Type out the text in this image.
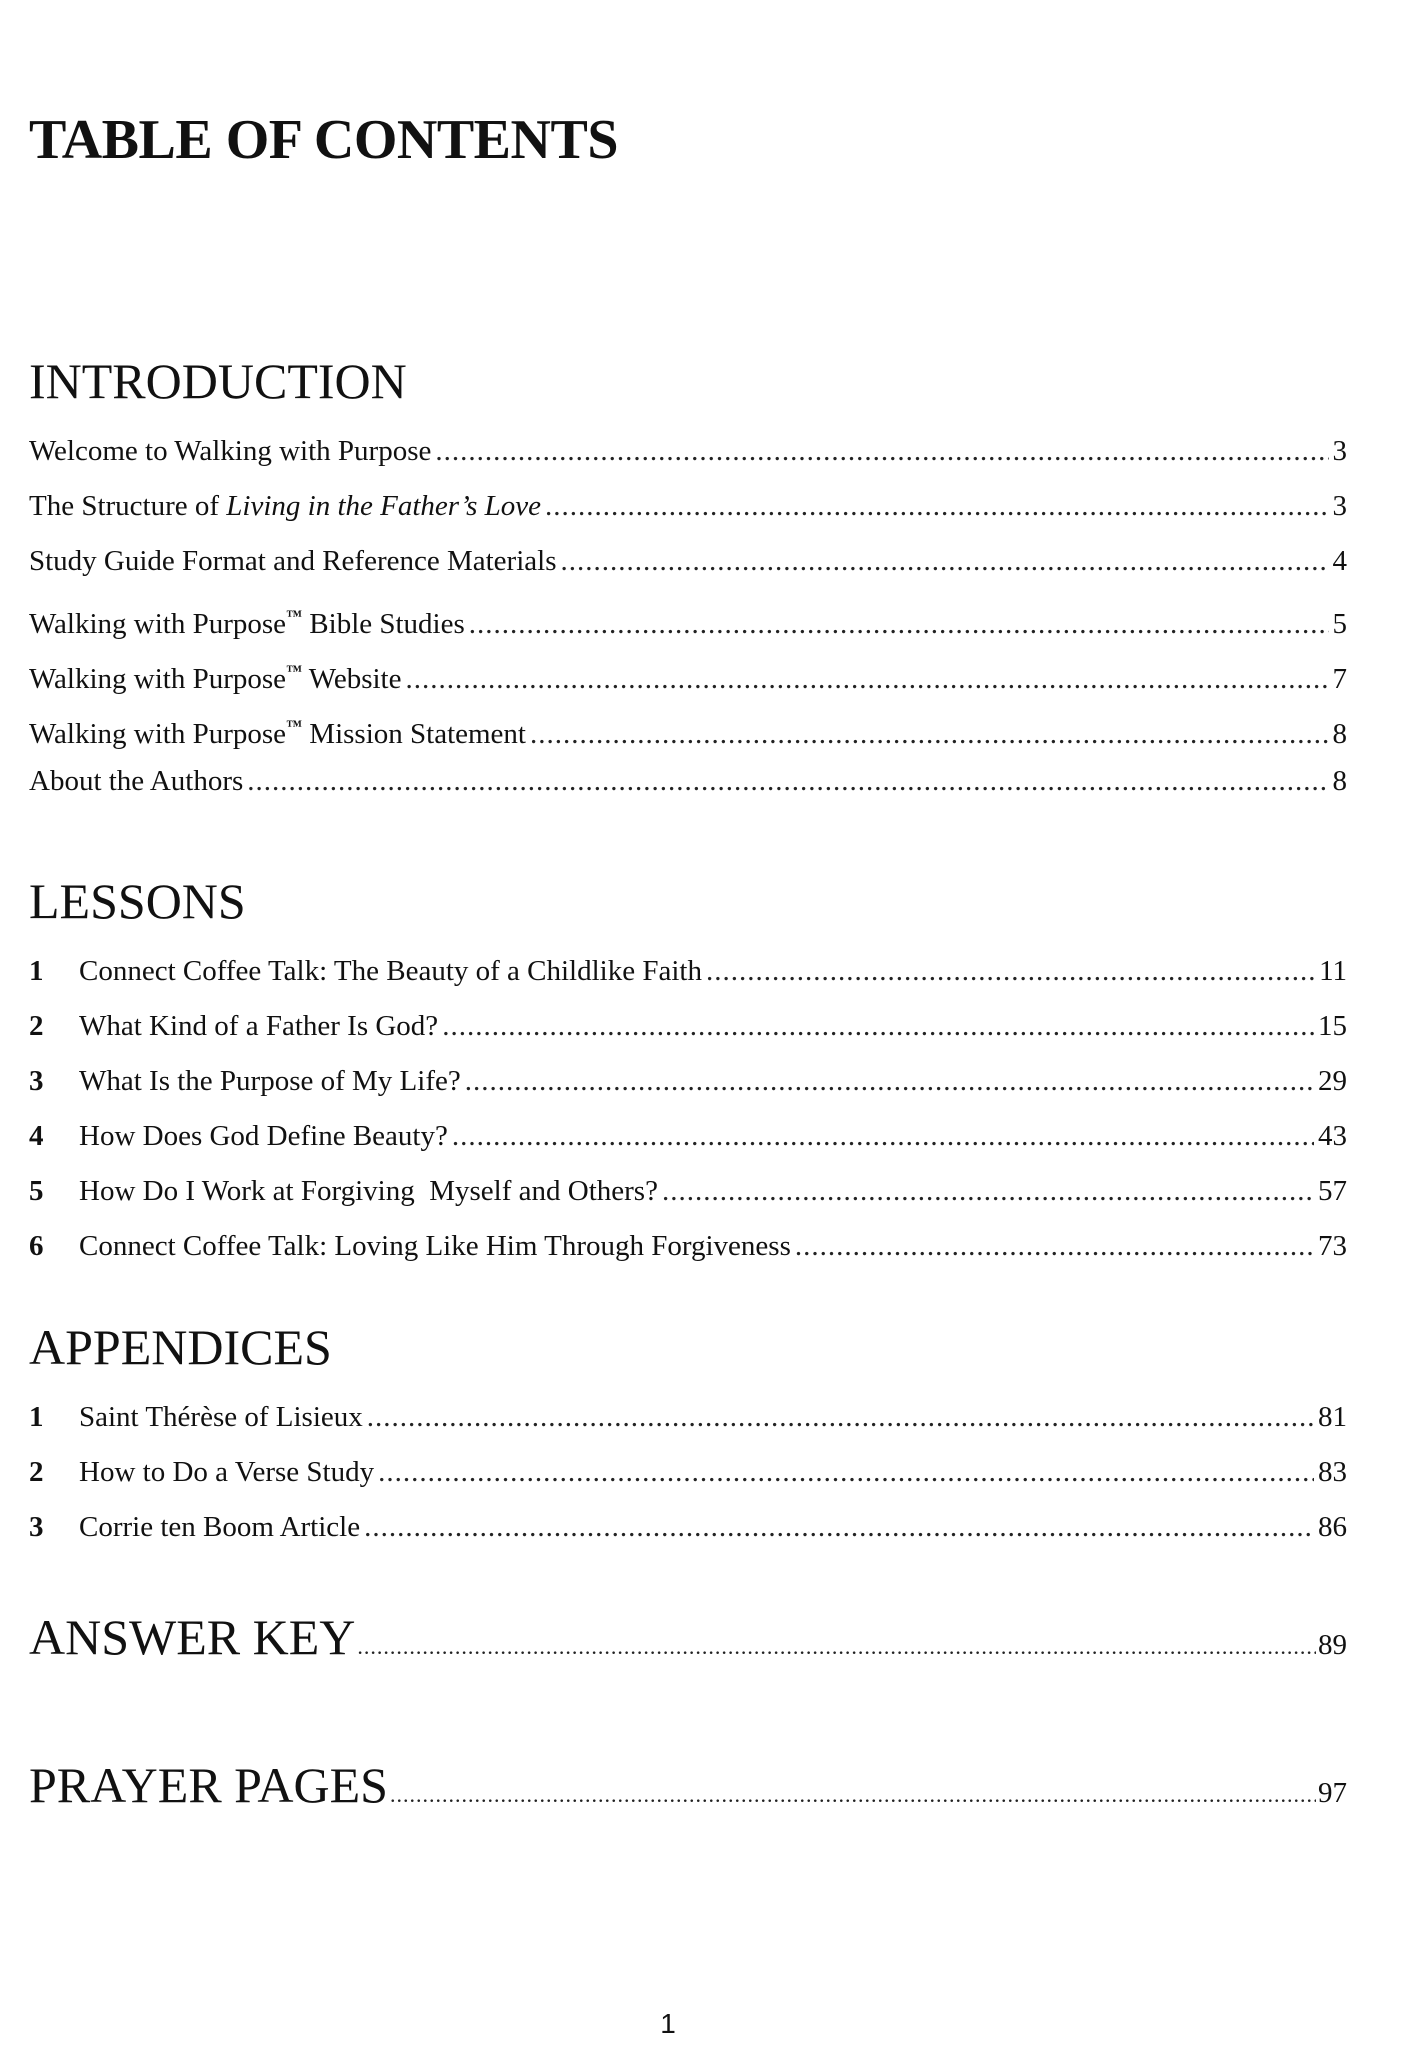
TABLE OF CONTENTS
INTRODUCTION
Welcome to Walking with Purpose .....	3
The Structure of Living in the Father’s Love .....	3
Study Guide Format and Reference Materials .....	4
Walking with Purpose™ Bible Studies .....	5
Walking with Purpose™ Website .....	7
Walking with Purpose™ Mission Statement .....	8
About the Authors .....	8
LESSONS
1	Connect Coffee Talk: The Beauty of a Childlike Faith .....	11
2	What Kind of a Father Is God? .....	15
3	What Is the Purpose of My Life? .....	29
4	How Does God Define Beauty? .....	43
5	How Do I Work at Forgiving  Myself and Others? .....	57
6	Connect Coffee Talk: Loving Like Him Through Forgiveness .....	73
APPENDICES
1	Saint Thérèse of Lisieux .....	81
2	How to Do a Verse Study .....	83
3	Corrie ten Boom Article .....	86
ANSWER KEY .....	89
PRAYER PAGES .....	97
1
